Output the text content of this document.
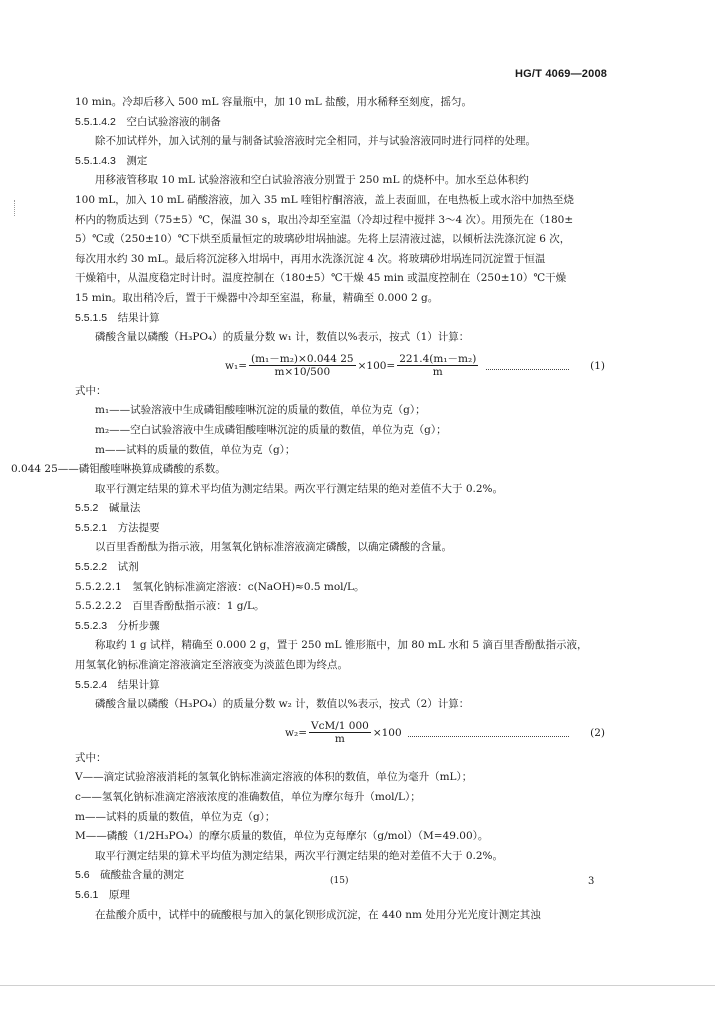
HG/T 4069—2008
10 min。冷却后移入 500 mL 容量瓶中，加 10 mL 盐酸，用水稀释至刻度，摇匀。
5.5.1.4.2　空白试验溶液的制备
除不加试样外，加入试剂的量与制备试验溶液时完全相同，并与试验溶液同时进行同样的处理。
5.5.1.4.3　测定
用移液管移取 10 mL 试验溶液和空白试验溶液分别置于 250 mL 的烧杯中。加水至总体积约
100 mL，加入 10 mL 硝酸溶液，加入 35 mL 喹钼柠酮溶液，盖上表面皿，在电热板上或水浴中加热至烧
杯内的物质达到（75±5）℃，保温 30 s，取出冷却至室温（冷却过程中搅拌 3～4 次）。用预先在（180±
5）℃或（250±10）℃下烘至质量恒定的玻璃砂坩埚抽滤。先将上层清液过滤，以倾析法洗涤沉淀 6 次，
每次用水约 30 mL。最后将沉淀移入坩埚中，再用水洗涤沉淀 4 次。将玻璃砂坩埚连同沉淀置于恒温
干燥箱中，从温度稳定时计时。温度控制在（180±5）℃干燥 45 min 或温度控制在（250±10）℃干燥
15 min。取出稍冷后，置于干燥器中冷却至室温，称量，精确至 0.000 2 g。
5.5.1.5　结果计算
磷酸含量以磷酸（H₃PO₄）的质量分数 w₁ 计，数值以%表示，按式（1）计算：
$w_1= \frac{\text{(m₁－m₂)×0.044 25}}{m\times 10/500} \times 100= \frac{\text{221.4(m₁－m₂)}}{m}$	(1)
式中：
m₁——试验溶液中生成磷钼酸喹啉沉淀的质量的数值，单位为克（g）；
m₂——空白试验溶液中生成磷钼酸喹啉沉淀的质量的数值，单位为克（g）；
m——试料的质量的数值，单位为克（g）；
0.044 25——磷钼酸喹啉换算成磷酸的系数。
取平行测定结果的算术平均值为测定结果。两次平行测定结果的绝对差值不大于 0.2%。
5.5.2　碱量法
5.5.2.1　方法提要
以百里香酚酞为指示液，用氢氧化钠标准溶液滴定磷酸，以确定磷酸的含量。
5.5.2.2　试剂
5.5.2.2.1　氢氧化钠标准滴定溶液：c(NaOH)≈0.5 mol/L。
5.5.2.2.2　百里香酚酞指示液：1 g/L。
5.5.2.3　分析步骤
称取约 1 g 试样，精确至 0.000 2 g，置于 250 mL 锥形瓶中，加 80 mL 水和 5 滴百里香酚酞指示液，
用氢氧化钠标准滴定溶液滴定至溶液变为淡蓝色即为终点。
5.5.2.4　结果计算
磷酸含量以磷酸（H₃PO₄）的质量分数 w₂ 计，数值以%表示，按式（2）计算：
$w_2= \frac{\text{VcM/1 000}}{m} \times 100$	(2)
式中：
V——滴定试验溶液消耗的氢氧化钠标准滴定溶液的体积的数值，单位为毫升（mL）；
c——氢氧化钠标准滴定溶液浓度的准确数值，单位为摩尔每升（mol/L）；
m——试料的质量的数值，单位为克（g）；
M——磷酸（1/2H₃PO₄）的摩尔质量的数值，单位为克每摩尔（g/mol）（M=49.00）。
取平行测定结果的算术平均值为测定结果，两次平行测定结果的绝对差值不大于 0.2%。
5.6　硫酸盐含量的测定
5.6.1　原理
在盐酸介质中，试样中的硫酸根与加入的氯化钡形成沉淀，在 440 nm 处用分光光度计测定其浊
(15)	3
